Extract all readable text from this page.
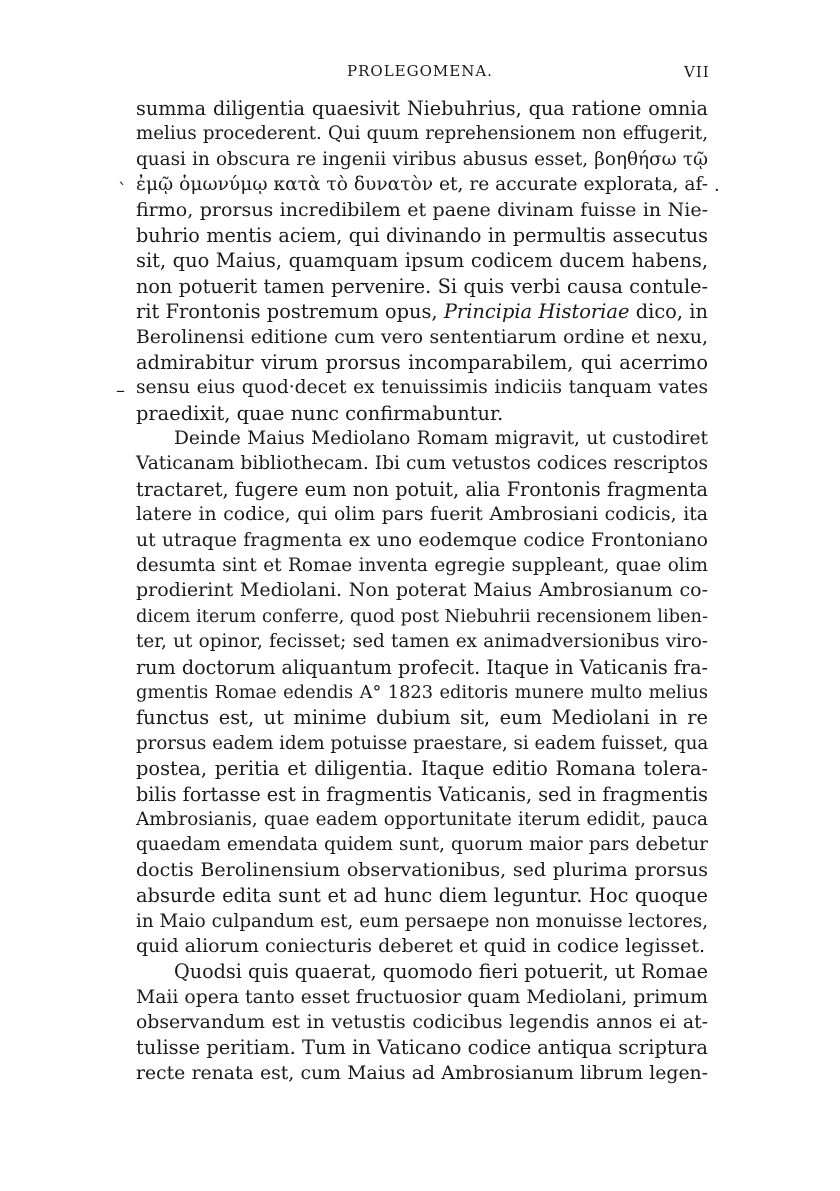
PROLEGOMENA.	VII
`	·
–
summa diligentia quaesivit Niebuhrius, qua ratione omnia
melius procederent. Qui quum reprehensionem non effugerit,
quasi in obscura re ingenii viribus abusus esset, βοηθήσω τῷ
ἐμῷ ὁμωνύμῳ κατὰ τὸ δυνατὸν et, re accurate explorata, af-
firmo, prorsus incredibilem et paene divinam fuisse in Nie-
buhrio mentis aciem, qui divinando in permultis assecutus
sit, quo Maius, quamquam ipsum codicem ducem habens,
non potuerit tamen pervenire. Si quis verbi causa contule-
rit Frontonis postremum opus, Principia Historiae dico, in
Berolinensi editione cum vero sententiarum ordine et nexu,
admirabitur virum prorsus incomparabilem, qui acerrimo
sensu eius quod·decet ex tenuissimis indiciis tanquam vates
praedixit, quae nunc confirmabuntur.
Deinde Maius Mediolano Romam migravit, ut custodiret
Vaticanam bibliothecam. Ibi cum vetustos codices rescriptos
tractaret, fugere eum non potuit, alia Frontonis fragmenta
latere in codice, qui olim pars fuerit Ambrosiani codicis, ita
ut utraque fragmenta ex uno eodemque codice Frontoniano
desumta sint et Romae inventa egregie suppleant, quae olim
prodierint Mediolani. Non poterat Maius Ambrosianum co-
dicem iterum conferre, quod post Niebuhrii recensionem liben-
ter, ut opinor, fecisset; sed tamen ex animadversionibus viro-
rum doctorum aliquantum profecit. Itaque in Vaticanis fra-
gmentis Romae edendis A° 1823 editoris munere multo melius
functus est, ut minime dubium sit, eum Mediolani in re
prorsus eadem idem potuisse praestare, si eadem fuisset, qua
postea, peritia et diligentia. Itaque editio Romana tolera-
bilis fortasse est in fragmentis Vaticanis, sed in fragmentis
Ambrosianis, quae eadem opportunitate iterum edidit, pauca
quaedam emendata quidem sunt, quorum maior pars debetur
doctis Berolinensium observationibus, sed plurima prorsus
absurde edita sunt et ad hunc diem leguntur. Hoc quoque
in Maio culpandum est, eum persaepe non monuisse lectores,
quid aliorum coniecturis deberet et quid in codice legisset.
Quodsi quis quaerat, quomodo fieri potuerit, ut Romae
Maii opera tanto esset fructuosior quam Mediolani, primum
observandum est in vetustis codicibus legendis annos ei at-
tulisse peritiam. Tum in Vaticano codice antiqua scriptura
recte renata est, cum Maius ad Ambrosianum librum legen-
